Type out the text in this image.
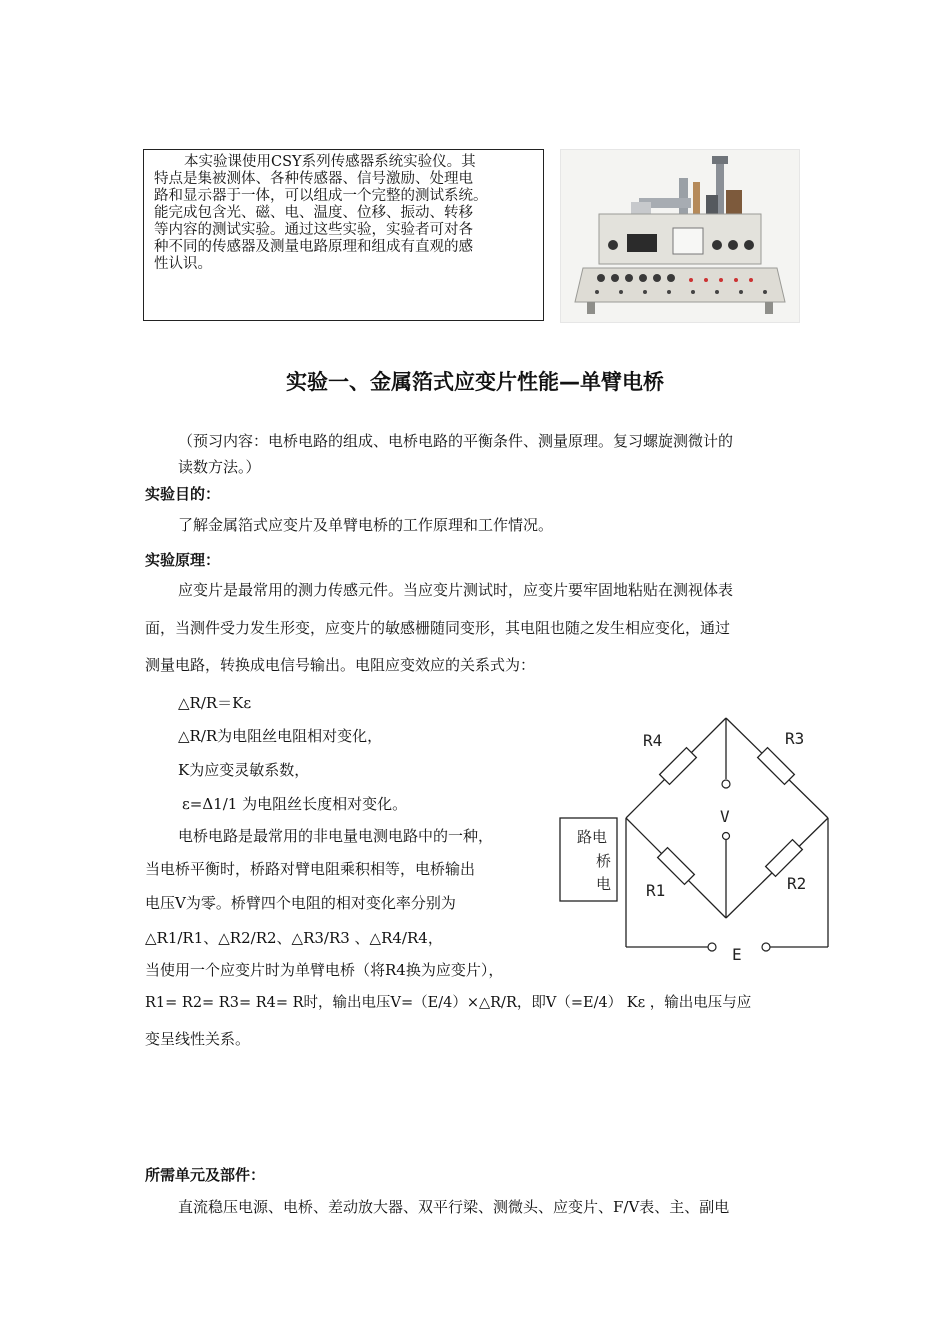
本实验课使用CSY系列传感器系统实验仪。其
特点是集被测体、各种传感器、信号激励、处理电
路和显示器于一体，可以组成一个完整的测试系统。
能完成包含光、磁、电、温度、位移、振动、转移
等内容的测试实验。通过这些实验，实验者可对各
种不同的传感器及测量电路原理和组成有直观的感
性认识。
实验一、金属箔式应变片性能—单臂电桥
（预习内容：电桥电路的组成、电桥电路的平衡条件、测量原理。复习螺旋测微计的
读数方法。）
实验目的：
了解金属箔式应变片及单臂电桥的工作原理和工作情况。
实验原理：
应变片是最常用的测力传感元件。当应变片测试时，应变片要牢固地粘贴在测视体表
面，当测件受力发生形变，应变片的敏感栅随同变形，其电阻也随之发生相应变化，通过
测量电路，转换成电信号输出。电阻应变效应的关系式为：
△R/R＝Kε
△R/R为电阻丝电阻相对变化，
K为应变灵敏系数，
ε=Δ1/1 为电阻丝长度相对变化。
电桥电路是最常用的非电量电测电路中的一种，
当电桥平衡时，桥路对臂电阻乘积相等，电桥输出
电压V为零。桥臂四个电阻的相对变化率分别为
△R1/R1、△R2/R2、△R3/R3 、△R4/R4，
当使用一个应变片时为单臂电桥（将R4换为应变片），
R1= R2= R3= R4= R时，输出电压V=（E/4）×△R/R，即V（=E/4） Kε ，输出电压与应
变呈线性关系。
R4	R3
R1	R2
V
E
路电
桥
电
所需单元及部件：
直流稳压电源、电桥、差动放大器、双平行梁、测微头、应变片、F/V表、主、副电
